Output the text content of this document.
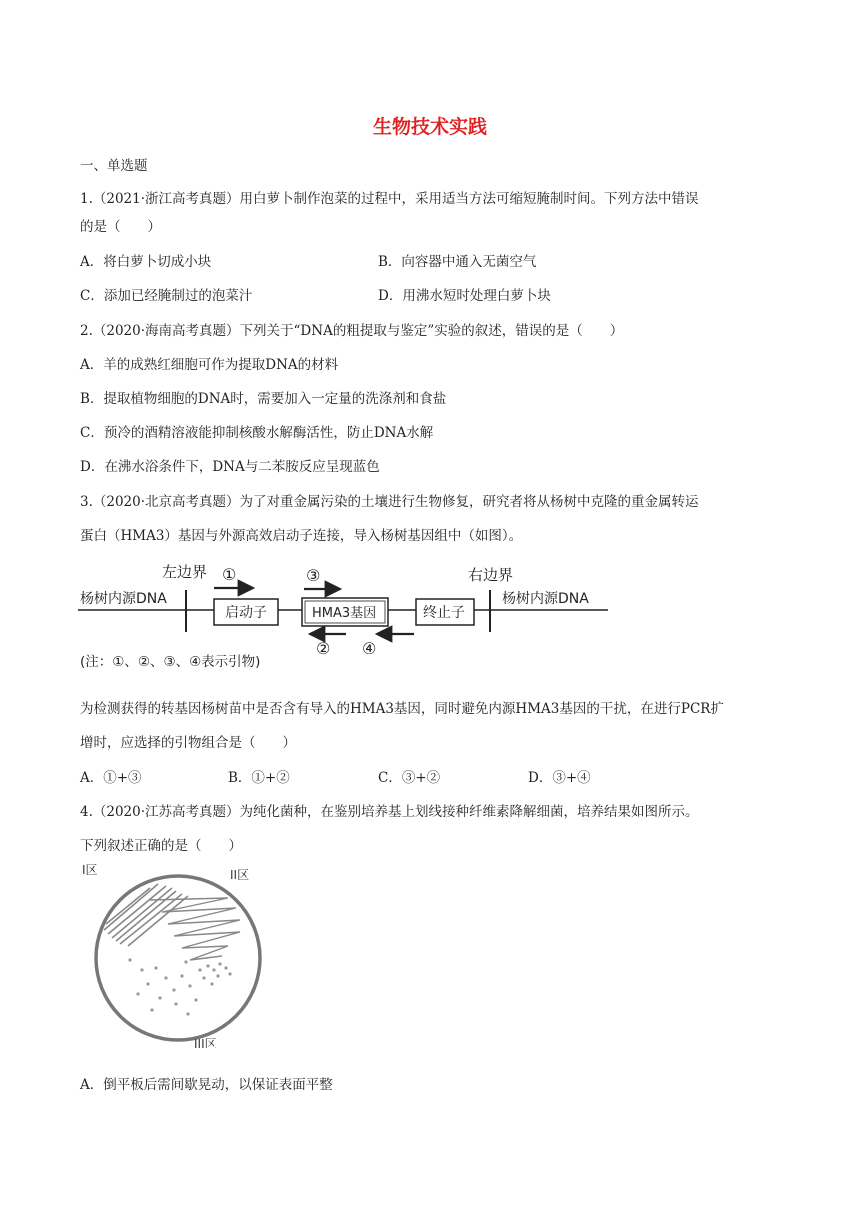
生物技术实践
一、单选题
1.（2021·浙江高考真题）用白萝卜制作泡菜的过程中，采用适当方法可缩短腌制时间。下列方法中错误
的是（　　）
A．将白萝卜切成小块	B．向容器中通入无菌空气
C．添加已经腌制过的泡菜汁	D．用沸水短时处理白萝卜块
2.（2020·海南高考真题）下列关于“DNA的粗提取与鉴定”实验的叙述，错误的是（　　）
A．羊的成熟红细胞可作为提取DNA的材料
B．提取植物细胞的DNA时，需要加入一定量的洗涤剂和食盐
C．预冷的酒精溶液能抑制核酸水解酶活性，防止DNA水解
D．在沸水浴条件下，DNA与二苯胺反应呈现蓝色
3.（2020·北京高考真题）为了对重金属污染的土壤进行生物修复，研究者将从杨树中克隆的重金属转运
蛋白（HMA3）基因与外源高效启动子连接，导入杨树基因组中（如图）。
左边界	右边界
杨树内源DNA	杨树内源DNA
启动子	HMA3基因	终止子
①	③
② ④
(注：①、②、③、④表示引物)
为检测获得的转基因杨树苗中是否含有导入的HMA3基因，同时避免内源HMA3基因的干扰，在进行PCR扩
增时，应选择的引物组合是（　　）
A．①+③	B．①+②	C．③+②	D．③+④
4.（2020·江苏高考真题）为纯化菌种，在鉴别培养基上划线接种纤维素降解细菌，培养结果如图所示。
下列叙述正确的是（　　）
I区	II区
III区
A．倒平板后需间歇晃动，以保证表面平整
